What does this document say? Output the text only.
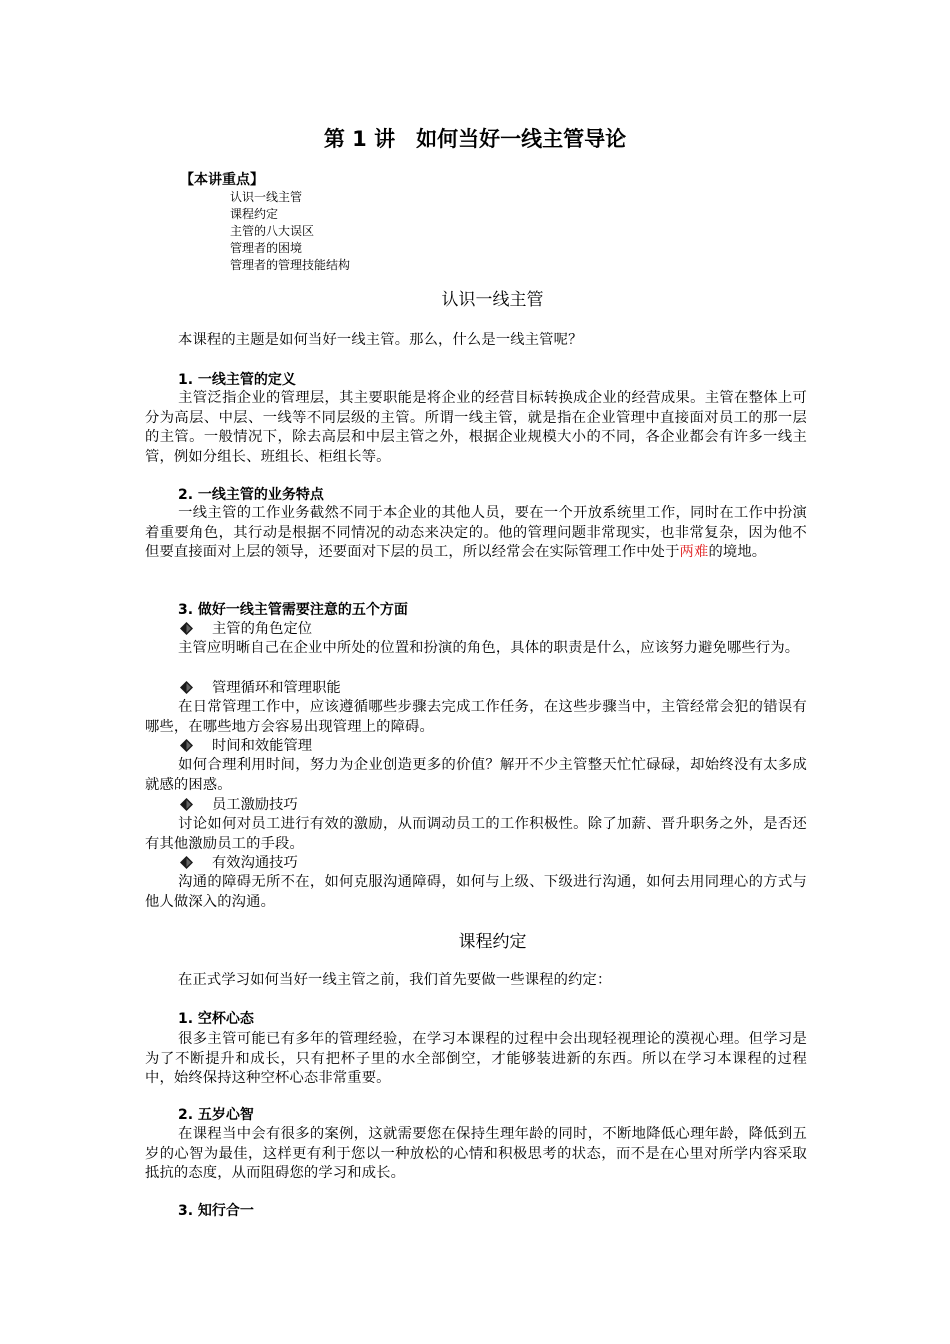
第 1 讲　如何当好一线主管导论
【本讲重点】
认识一线主管
课程约定
主管的八大误区
管理者的困境
管理者的管理技能结构
认识一线主管
本课程的主题是如何当好一线主管。那么，什么是一线主管呢？
1. 一线主管的定义
主管泛指企业的管理层，其主要职能是将企业的经营目标转换成企业的经营成果。主管在整体上可分为高层、中层、一线等不同层级的主管。所谓一线主管，就是指在企业管理中直接面对员工的那一层的主管。一般情况下，除去高层和中层主管之外，根据企业规模大小的不同，各企业都会有许多一线主管，例如分组长、班组长、柜组长等。
2. 一线主管的业务特点
一线主管的工作业务截然不同于本企业的其他人员，要在一个开放系统里工作，同时在工作中扮演着重要角色，其行动是根据不同情况的动态来决定的。他的管理问题非常现实，也非常复杂，因为他不但要直接面对上层的领导，还要面对下层的员工，所以经常会在实际管理工作中处于两难的境地。
3. 做好一线主管需要注意的五个方面
主管的角色定位
主管应明晰自己在企业中所处的位置和扮演的角色，具体的职责是什么，应该努力避免哪些行为。
管理循环和管理职能
在日常管理工作中，应该遵循哪些步骤去完成工作任务，在这些步骤当中，主管经常会犯的错误有哪些，在哪些地方会容易出现管理上的障碍。
时间和效能管理
如何合理利用时间，努力为企业创造更多的价值？解开不少主管整天忙忙碌碌，却始终没有太多成就感的困惑。
员工激励技巧
讨论如何对员工进行有效的激励，从而调动员工的工作积极性。除了加薪、晋升职务之外，是否还有其他激励员工的手段。
有效沟通技巧
沟通的障碍无所不在，如何克服沟通障碍，如何与上级、下级进行沟通，如何去用同理心的方式与他人做深入的沟通。
课程约定
在正式学习如何当好一线主管之前，我们首先要做一些课程的约定：
1. 空杯心态
很多主管可能已有多年的管理经验，在学习本课程的过程中会出现轻视理论的漠视心理。但学习是为了不断提升和成长，只有把杯子里的水全部倒空，才能够装进新的东西。所以在学习本课程的过程中，始终保持这种空杯心态非常重要。
2. 五岁心智
在课程当中会有很多的案例，这就需要您在保持生理年龄的同时，不断地降低心理年龄，降低到五岁的心智为最佳，这样更有利于您以一种放松的心情和积极思考的状态，而不是在心里对所学内容采取抵抗的态度，从而阻碍您的学习和成长。
3. 知行合一
